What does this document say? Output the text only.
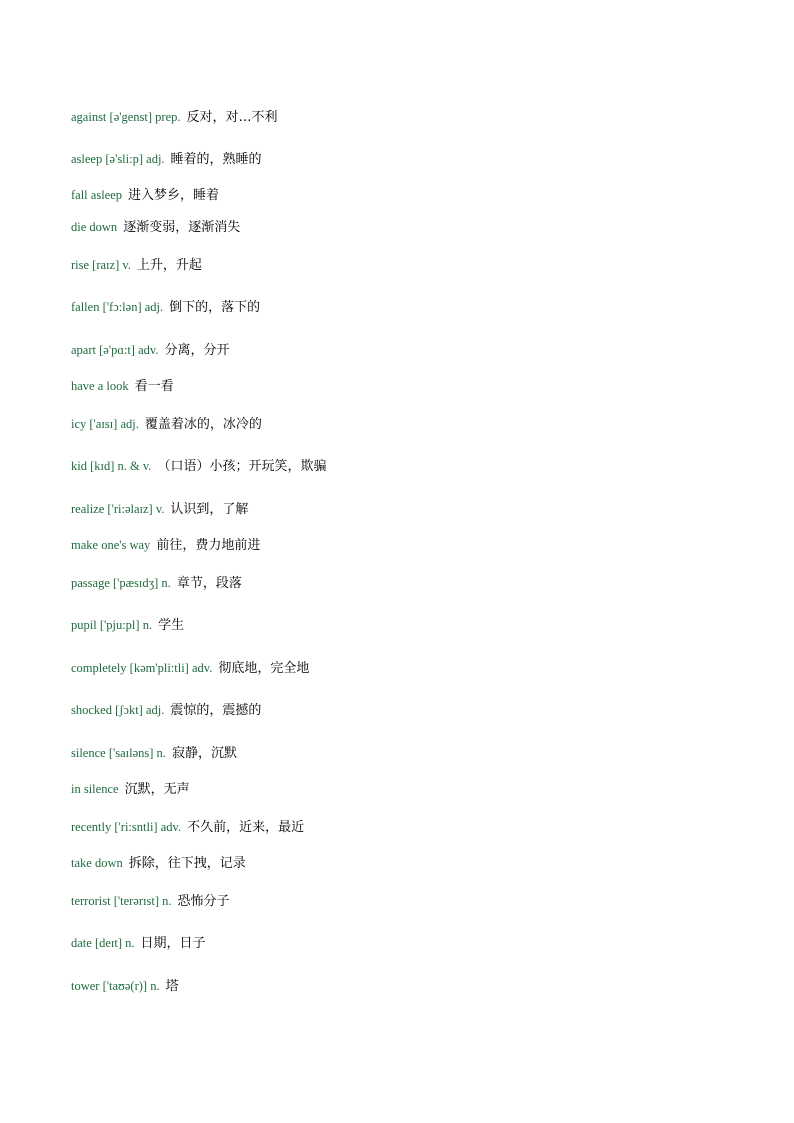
against [ə'genst] prep. 反对，对…不利
asleep [ə'sli:p] adj. 睡着的，熟睡的
fall asleep 进入梦乡，睡着
die down 逐渐变弱，逐渐消失
rise [raɪz] v. 上升，升起
fallen ['fɔ:lən] adj. 倒下的，落下的
apart [ə'pɑ:t] adv. 分离，分开
have a look 看一看
icy ['aɪsɪ] adj. 覆盖着冰的，冰冷的
kid [kɪd] n. & v. （口语）小孩；开玩笑，欺骗
realize ['ri:əlaɪz] v. 认识到，了解
make one's way 前往，费力地前进
passage ['pæsɪdʒ] n. 章节，段落
pupil ['pju:pl] n. 学生
completely [kəm'pli:tli] adv. 彻底地，完全地
shocked [ʃɔkt] adj. 震惊的，震撼的
silence ['saɪləns] n. 寂静，沉默
in silence 沉默，无声
recently ['ri:sntli] adv. 不久前，近来，最近
take down 拆除，往下拽，记录
terrorist ['terərɪst] n. 恐怖分子
date [deɪt] n. 日期，日子
tower ['taʊə(r)] n. 塔
